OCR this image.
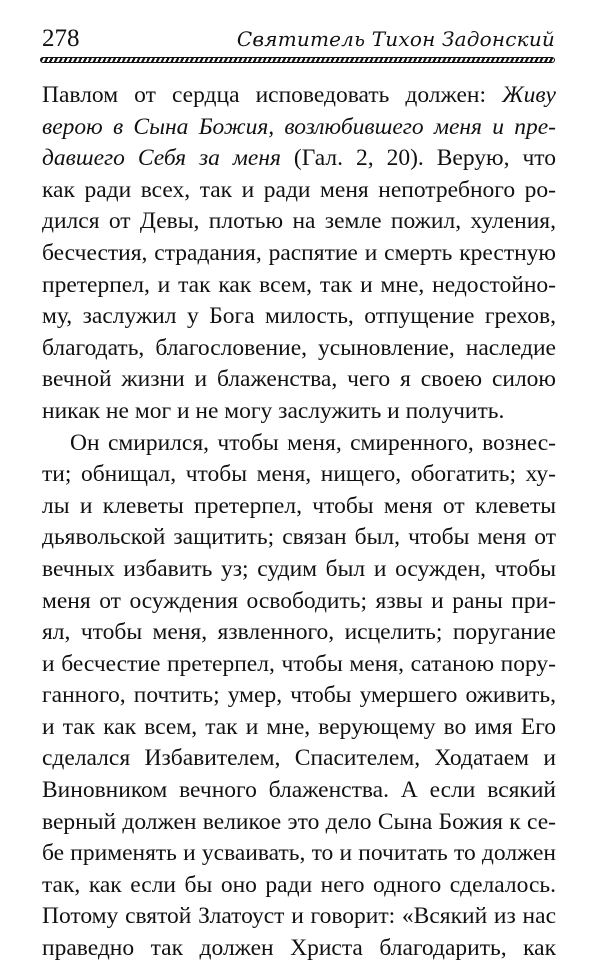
278	Святитель Тихон Задонский
Павлом от сердца исповедовать должен: Живу
верою в Сына Божия, возлюбившего меня и пре-
давшего Себя за меня (Гал. 2, 20). Верую, что
как ради всех, так и ради меня непотребного ро-
дился от Девы, плотью на земле пожил, хуления,
бесчестия, страдания, распятие и смерть крестную
претерпел, и так как всем, так и мне, недостойно-
му, заслужил у Бога милость, отпущение грехов,
благодать, благословение, усыновление, наследие
вечной жизни и блаженства, чего я своею силою
никак не мог и не могу заслужить и получить.
Он смирился, чтобы меня, смиренного, вознес-
ти; обнищал, чтобы меня, нищего, обогатить; ху-
лы и клеветы претерпел, чтобы меня от клеветы
дьявольской защитить; связан был, чтобы меня от
вечных избавить уз; судим был и осужден, чтобы
меня от осуждения освободить; язвы и раны при-
ял, чтобы меня, язвленного, исцелить; поругание
и бесчестие претерпел, чтобы меня, сатаною пору-
ганного, почтить; умер, чтобы умершего оживить,
и так как всем, так и мне, верующему во имя Его
сделался Избавителем, Спасителем, Ходатаем и
Виновником вечного блаженства. А если всякий
верный должен великое это дело Сына Божия к се-
бе применять и усваивать, то и почитать то должен
так, как если бы оно ради него одного сделалось.
Потому святой Златоуст и говорит: «Всякий из нас
праведно так должен Христа благодарить, как
